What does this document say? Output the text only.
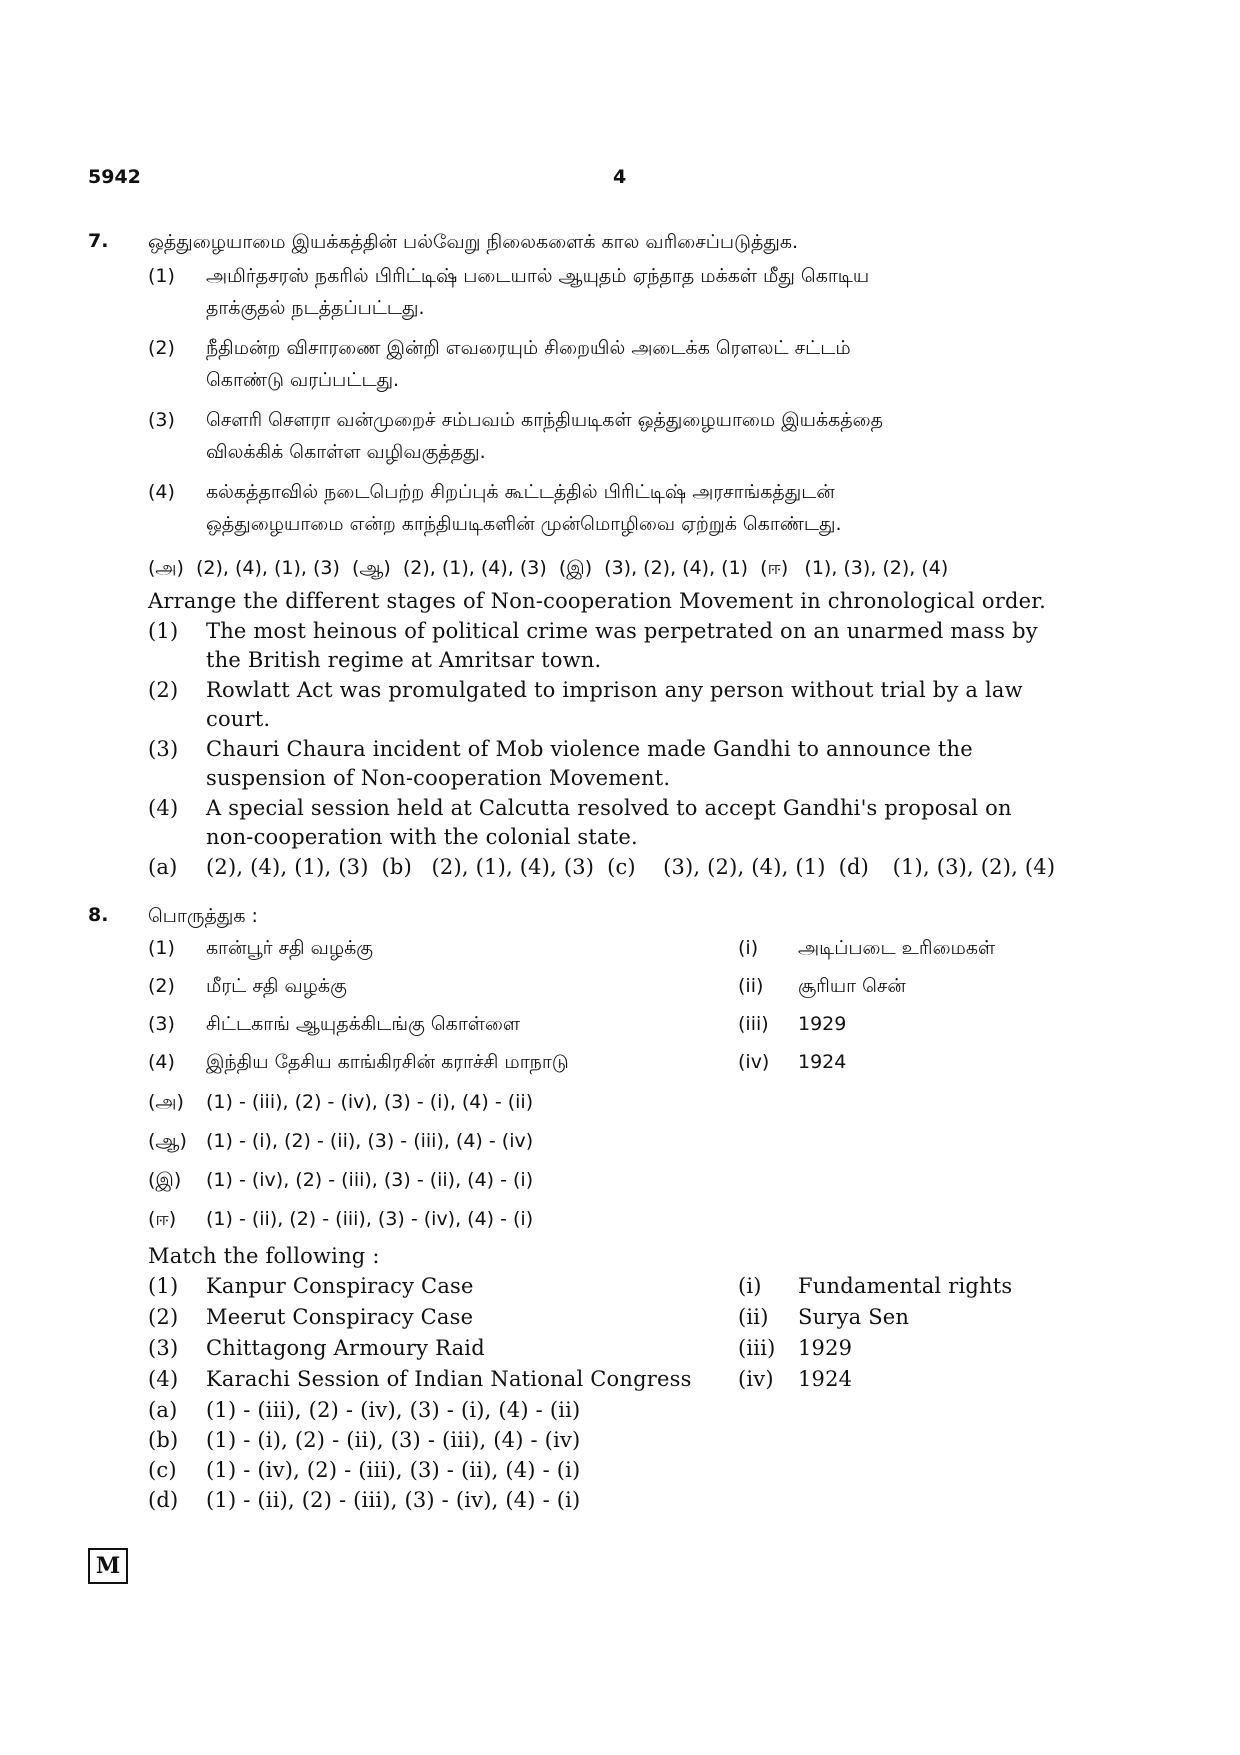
5942	4
7. ஒத்துழையாமை இயக்கத்தின் பல்வேறு நிலைகளைக் கால வரிசைப்படுத்துக.
(1) அமிர்தசரஸ் நகரில் பிரிட்டிஷ் படையால் ஆயுதம் ஏந்தாத மக்கள் மீது கொடிய
தாக்குதல் நடத்தப்பட்டது.
(2) நீதிமன்ற விசாரணை இன்றி எவரையும் சிறையில் அடைக்க ரௌலட் சட்டம்
கொண்டு வரப்பட்டது.
(3) சௌரி சௌரா வன்முறைச் சம்பவம் காந்தியடிகள் ஒத்துழையாமை இயக்கத்தை
விலக்கிக் கொள்ள வழிவகுத்தது.
(4) கல்கத்தாவில் நடைபெற்ற சிறப்புக் கூட்டத்தில் பிரிட்டிஷ் அரசாங்கத்துடன்
ஒத்துழையாமை என்ற காந்தியடிகளின் முன்மொழிவை ஏற்றுக் கொண்டது.
(அ) (2), (4), (1), (3) (ஆ) (2), (1), (4), (3) (இ) (3), (2), (4), (1) (ஈ) (1), (3), (2), (4)
Arrange the different stages of Non-cooperation Movement in chronological order.
(1) The most heinous of political crime was perpetrated on an unarmed mass by
the British regime at Amritsar town.
(2) Rowlatt Act was promulgated to imprison any person without trial by a law
court.
(3) Chauri Chaura incident of Mob violence made Gandhi to announce the
suspension of Non-cooperation Movement.
(4) A special session held at Calcutta resolved to accept Gandhi's proposal on
non-cooperation with the colonial state.
(a) (2), (4), (1), (3) (b) (2), (1), (4), (3) (c) (3), (2), (4), (1) (d) (1), (3), (2), (4)
8. பொருத்துக :
(1) கான்பூர் சதி வழக்கு	(i) அடிப்படை உரிமைகள்
(2) மீரட் சதி வழக்கு	(ii) சூரியா சென்
(3) சிட்டகாங் ஆயுதக்கிடங்கு கொள்ளை	(iii) 1929
(4) இந்திய தேசிய காங்கிரசின் கராச்சி மாநாடு	(iv) 1924
(அ) (1) - (iii), (2) - (iv), (3) - (i), (4) - (ii)
(ஆ) (1) - (i), (2) - (ii), (3) - (iii), (4) - (iv)
(இ) (1) - (iv), (2) - (iii), (3) - (ii), (4) - (i)
(ஈ) (1) - (ii), (2) - (iii), (3) - (iv), (4) - (i)
Match the following :
(1) Kanpur Conspiracy Case	(i) Fundamental rights
(2) Meerut Conspiracy Case	(ii) Surya Sen
(3) Chittagong Armoury Raid	(iii) 1929
(4) Karachi Session of Indian National Congress (iv) 1924
(a) (1) - (iii), (2) - (iv), (3) - (i), (4) - (ii)
(b) (1) - (i), (2) - (ii), (3) - (iii), (4) - (iv)
(c) (1) - (iv), (2) - (iii), (3) - (ii), (4) - (i)
(d) (1) - (ii), (2) - (iii), (3) - (iv), (4) - (i)
M
